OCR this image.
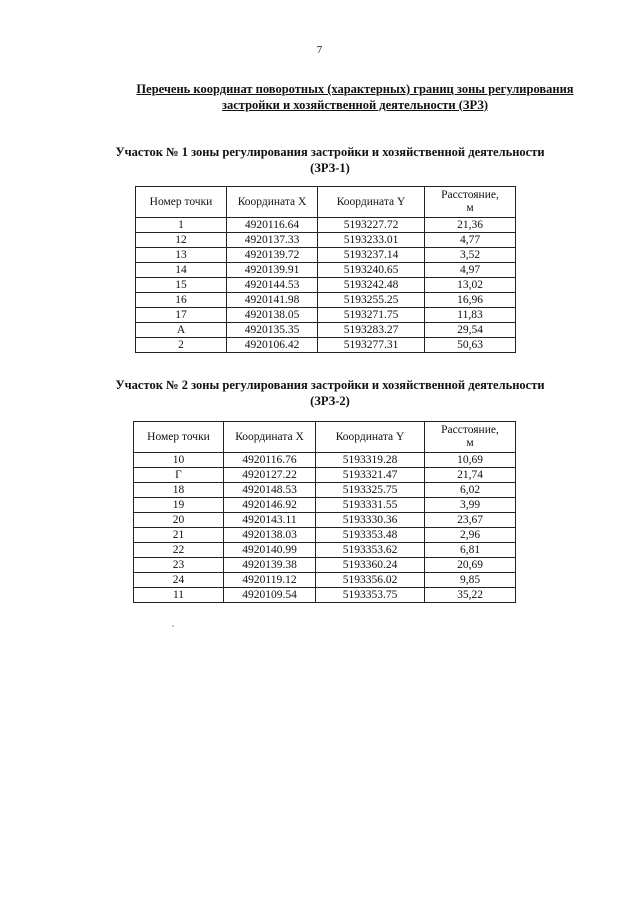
7
Перечень координат поворотных (характерных) границ зоны регулирования
застройки и хозяйственной деятельности (ЗРЗ)
Участок № 1 зоны регулирования застройки и хозяйственной деятельности
(ЗРЗ-1)
Номер точки	Координата X	Координата Y	Расстояние,
м

1	4920116.64	5193227.72	21,36
12	4920137.33	5193233.01	4,77
13	4920139.72	5193237.14	3,52
14	4920139.91	5193240.65	4,97
15	4920144.53	5193242.48	13,02
16	4920141.98	5193255.25	16,96
17	4920138.05	5193271.75	11,83
А	4920135.35	5193283.27	29,54
2	4920106.42	5193277.31	50,63
Участок № 2 зоны регулирования застройки и хозяйственной деятельности
(ЗРЗ-2)
Номер точки	Координата X	Координата Y	Расстояние,
м

10	4920116.76	5193319.28	10,69
Г	4920127.22	5193321.47	21,74
18	4920148.53	5193325.75	6,02
19	4920146.92	5193331.55	3,99
20	4920143.11	5193330.36	23,67
21	4920138.03	5193353.48	2,96
22	4920140.99	5193353.62	6,81
23	4920139.38	5193360.24	20,69
24	4920119.12	5193356.02	9,85
11	4920109.54	5193353.75	35,22
